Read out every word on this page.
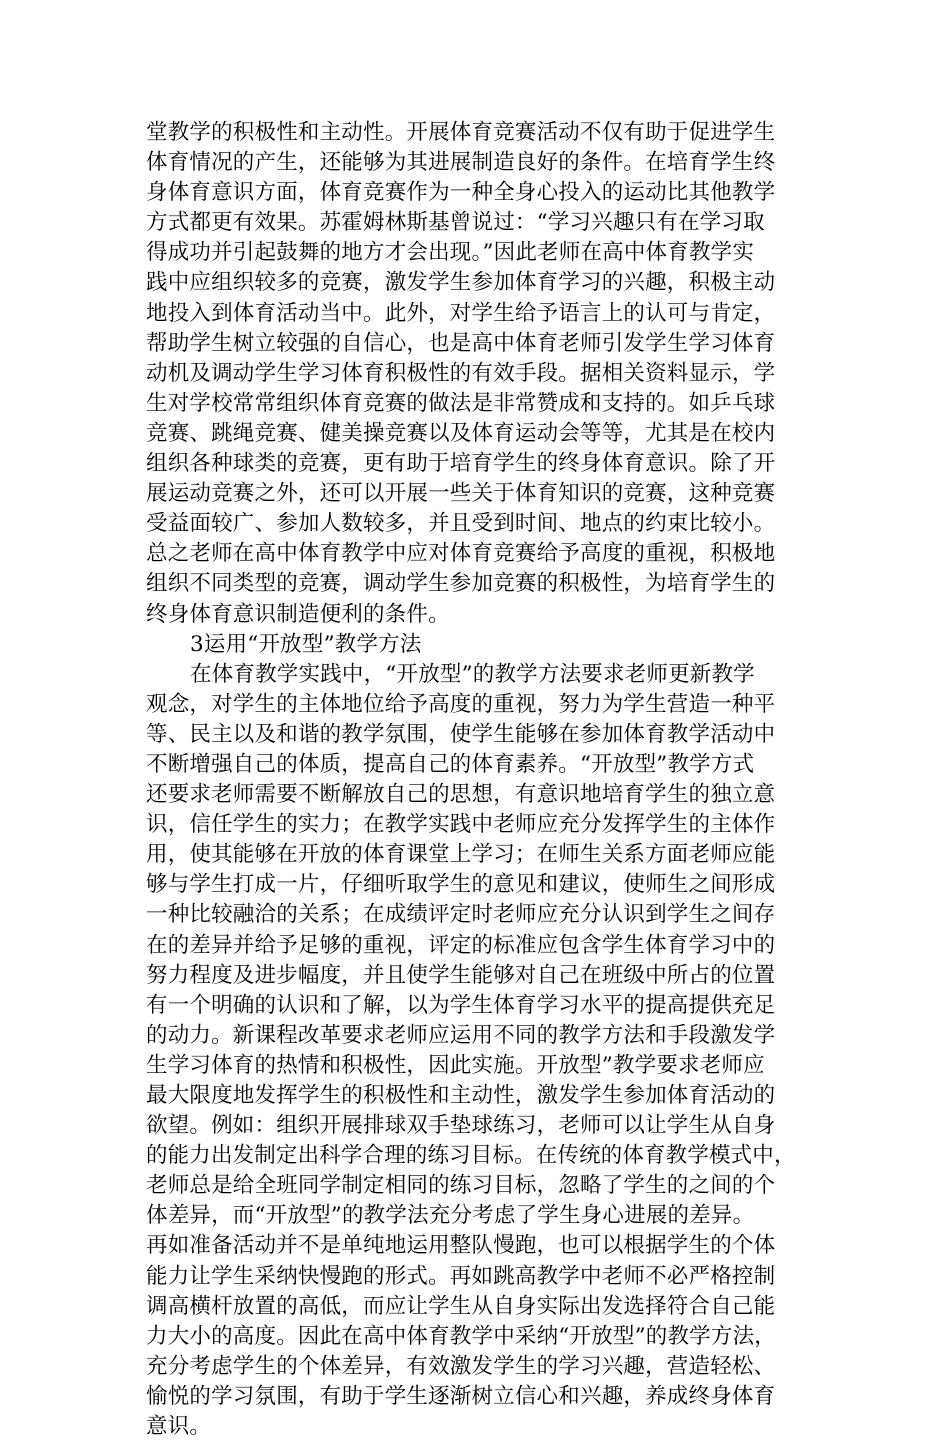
堂教学的积极性和主动性。开展体育竞赛活动不仅有助于促进学生
体育情况的产生，还能够为其进展制造良好的条件。在培育学生终
身体育意识方面，体育竞赛作为一种全身心投入的运动比其他教学
方式都更有效果。苏霍姆林斯基曾说过：“学习兴趣只有在学习取
得成功并引起鼓舞的地方才会出现。”因此老师在高中体育教学实
践中应组织较多的竞赛，激发学生参加体育学习的兴趣，积极主动
地投入到体育活动当中。此外，对学生给予语言上的认可与肯定，
帮助学生树立较强的自信心，也是高中体育老师引发学生学习体育
动机及调动学生学习体育积极性的有效手段。据相关资料显示，学
生对学校常常组织体育竞赛的做法是非常赞成和支持的。如乒乓球
竞赛、跳绳竞赛、健美操竞赛以及体育运动会等等，尤其是在校内
组织各种球类的竞赛，更有助于培育学生的终身体育意识。除了开
展运动竞赛之外，还可以开展一些关于体育知识的竞赛，这种竞赛
受益面较广、参加人数较多，并且受到时间、地点的约束比较小。
总之老师在高中体育教学中应对体育竞赛给予高度的重视，积极地
组织不同类型的竞赛，调动学生参加竞赛的积极性，为培育学生的
终身体育意识制造便利的条件。
3运用“开放型”教学方法
在体育教学实践中，“开放型”的教学方法要求老师更新教学
观念，对学生的主体地位给予高度的重视，努力为学生营造一种平
等、民主以及和谐的教学氛围，使学生能够在参加体育教学活动中
不断增强自己的体质，提高自己的体育素养。“开放型”教学方式
还要求老师需要不断解放自己的思想，有意识地培育学生的独立意
识，信任学生的实力；在教学实践中老师应充分发挥学生的主体作
用，使其能够在开放的体育课堂上学习；在师生关系方面老师应能
够与学生打成一片，仔细听取学生的意见和建议，使师生之间形成
一种比较融洽的关系；在成绩评定时老师应充分认识到学生之间存
在的差异并给予足够的重视，评定的标准应包含学生体育学习中的
努力程度及进步幅度，并且使学生能够对自己在班级中所占的位置
有一个明确的认识和了解，以为学生体育学习水平的提高提供充足
的动力。新课程改革要求老师应运用不同的教学方法和手段激发学
生学习体育的热情和积极性，因此实施。开放型”教学要求老师应
最大限度地发挥学生的积极性和主动性，激发学生参加体育活动的
欲望。例如：组织开展排球双手垫球练习，老师可以让学生从自身
的能力出发制定出科学合理的练习目标。在传统的体育教学模式中，
老师总是给全班同学制定相同的练习目标，忽略了学生的之间的个
体差异，而“开放型”的教学法充分考虑了学生身心进展的差异。
再如准备活动并不是单纯地运用整队慢跑，也可以根据学生的个体
能力让学生采纳快慢跑的形式。再如跳高教学中老师不必严格控制
调高横杆放置的高低，而应让学生从自身实际出发选择符合自己能
力大小的高度。因此在高中体育教学中采纳“开放型”的教学方法，
充分考虑学生的个体差异，有效激发学生的学习兴趣，营造轻松、
愉悦的学习氛围，有助于学生逐渐树立信心和兴趣，养成终身体育
意识。
